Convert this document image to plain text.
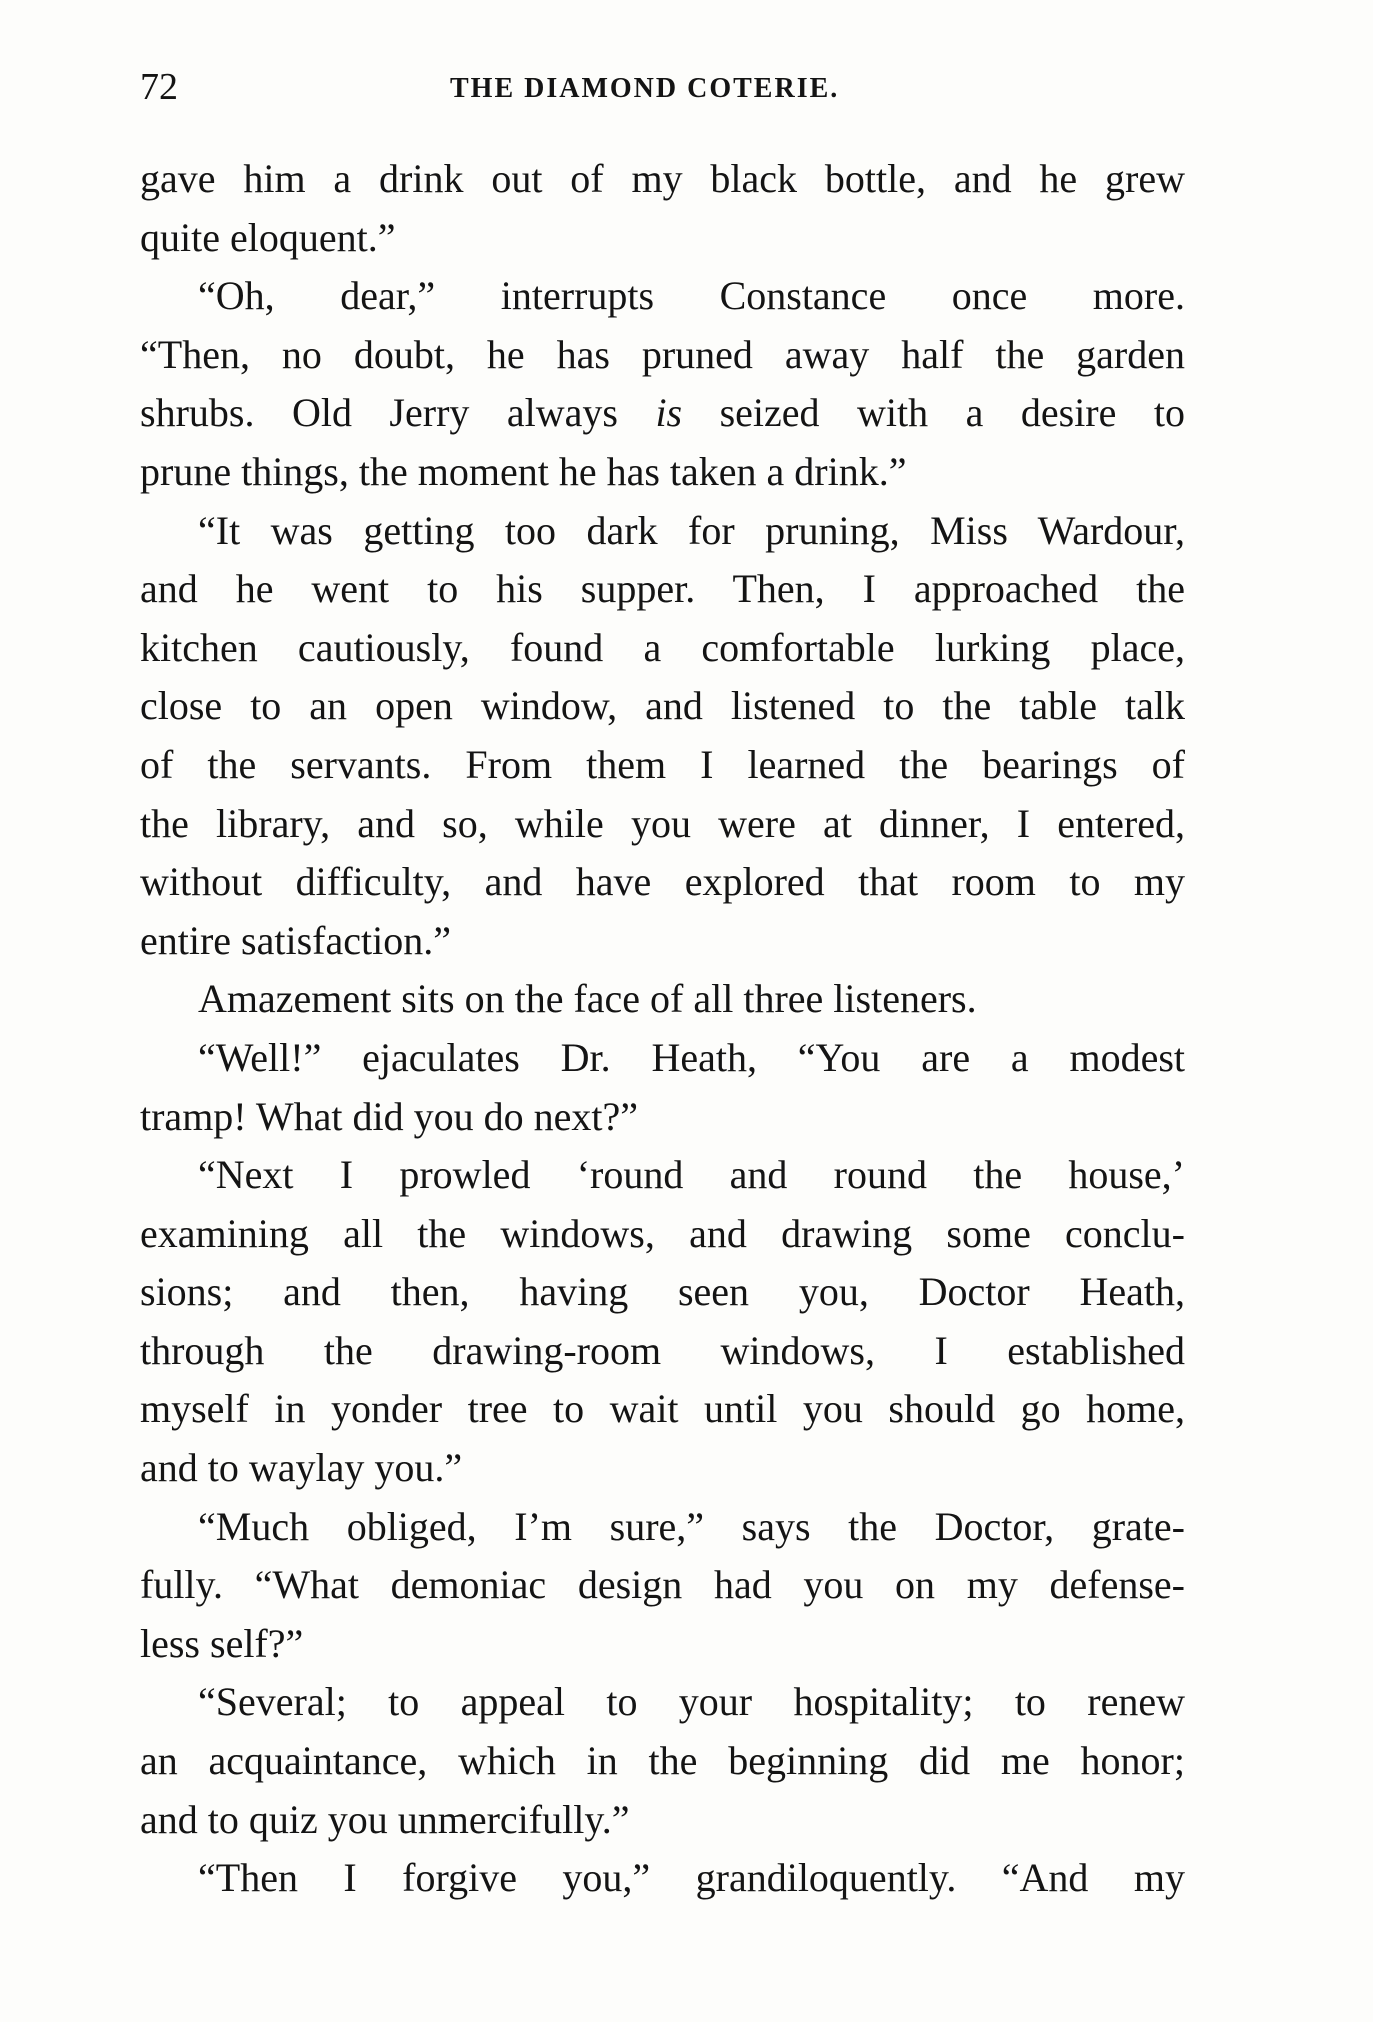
72	THE DIAMOND COTERIE.
gave him a drink out of my black bottle, and he grew
quite eloquent.”
“Oh, dear,” interrupts Constance once more.
“Then, no doubt, he has pruned away half the garden
shrubs. Old Jerry always is seized with a desire to
prune things, the moment he has taken a drink.”
“It was getting too dark for pruning, Miss Wardour,
and he went to his supper. Then, I approached the
kitchen cautiously, found a comfortable lurking place,
close to an open window, and listened to the table talk
of the servants. From them I learned the bearings of
the library, and so, while you were at dinner, I entered,
without difficulty, and have explored that room to my
entire satisfaction.”
Amazement sits on the face of all three listeners.
“Well!” ejaculates Dr. Heath, “You are a modest
tramp! What did you do next?”
“Next I prowled ‘round and round the house,’
examining all the windows, and drawing some conclu-
sions; and then, having seen you, Doctor Heath,
through the drawing-room windows, I established
myself in yonder tree to wait until you should go home,
and to waylay you.”
“Much obliged, I’m sure,” says the Doctor, grate-
fully. “What demoniac design had you on my defense-
less self?”
“Several; to appeal to your hospitality; to renew
an acquaintance, which in the beginning did me honor;
and to quiz you unmercifully.”
“Then I forgive you,” grandiloquently. “And my
